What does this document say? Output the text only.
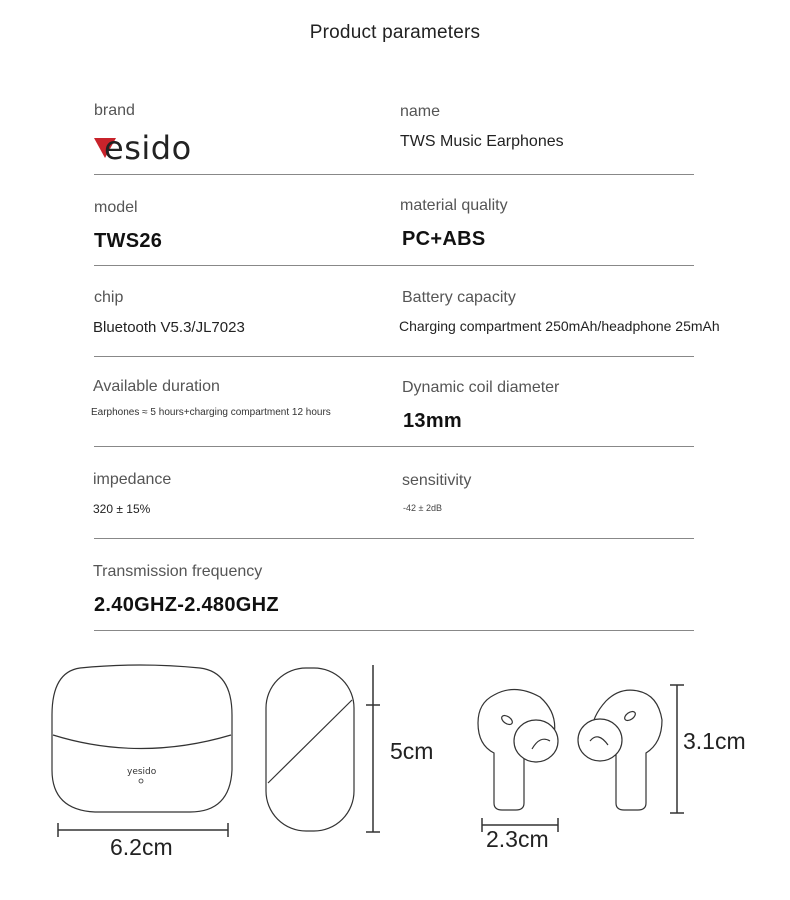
Product parameters
brand
esido
name
TWS Music Earphones
model
TWS26
material quality
PC+ABS
chip
Bluetooth V5.3/JL7023
Battery capacity
Charging compartment 250mAh/headphone 25mAh
Available duration
Earphones ≈ 5 hours+charging compartment 12 hours
Dynamic coil diameter
13mm
impedance
320 ± 15%
sensitivity
-42 ± 2dB
Transmission frequency
2.40GHZ-2.480GHZ
yesido
6.2cm
5cm
2.3cm
3.1cm
